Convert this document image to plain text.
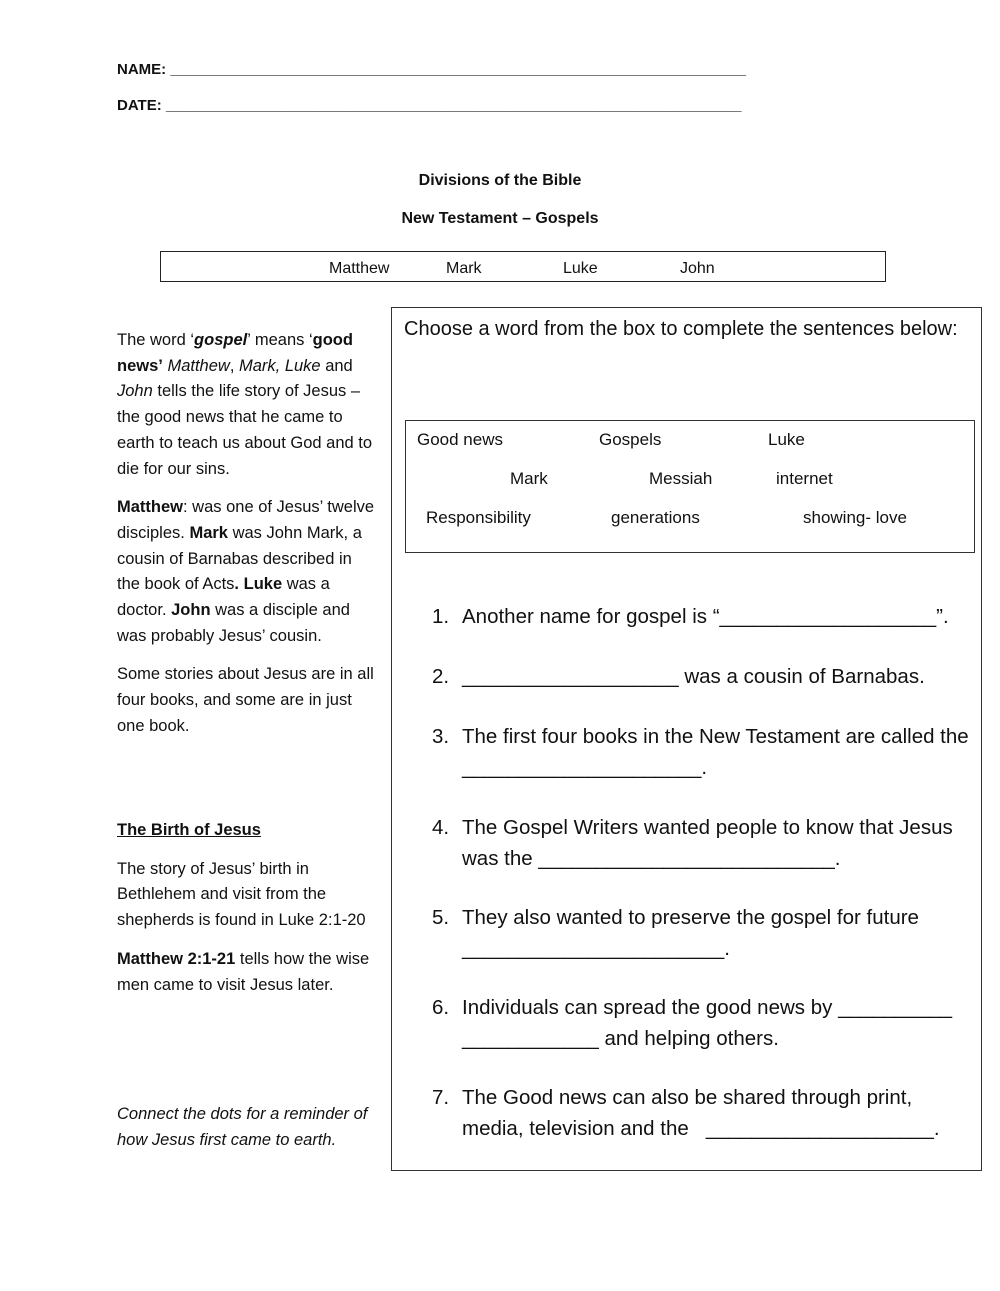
NAME: _____________________________________________________________________
DATE: _____________________________________________________________________
Divisions of the Bible
New Testament – Gospels
Matthew	Mark	Luke	John

The word ‘gospel’ means ‘good news’ Matthew, Mark, Luke and John tells the life story of Jesus – the good news that he came to earth to teach us about God and to die for our sins.

Matthew: was one of Jesus’ twelve disciples. Mark was John Mark, a cousin of Barnabas described in the book of Acts. Luke was a doctor. John was a disciple and was probably Jesus’ cousin.

Some stories about Jesus are in all four books, and some are in just one book.

The Birth of Jesus

The story of Jesus’ birth in Bethlehem and visit from the shepherds is found in Luke 2:1-20

Matthew 2:1-21 tells how the wise men came to visit Jesus later.

Connect the dots for a reminder of how Jesus first came to earth.

Choose a word from the box to complete the sentences below:
Good news	Gospels	Luke
Mark	Messiah	internet
Responsibility	generations	showing- love
1. Another name for gospel is “___________________”.
2. ___________________ was a cousin of Barnabas.
3. The first four books in the New Testament are called the _____________________.
4. The Gospel Writers wanted people to know that Jesus was the __________________________.
5. They also wanted to preserve the gospel for future _______________________.
6. Individuals can spread the good news by __________ ____________ and helping others.
7. The Good news can also be shared through print, media, television and the   ____________________.
